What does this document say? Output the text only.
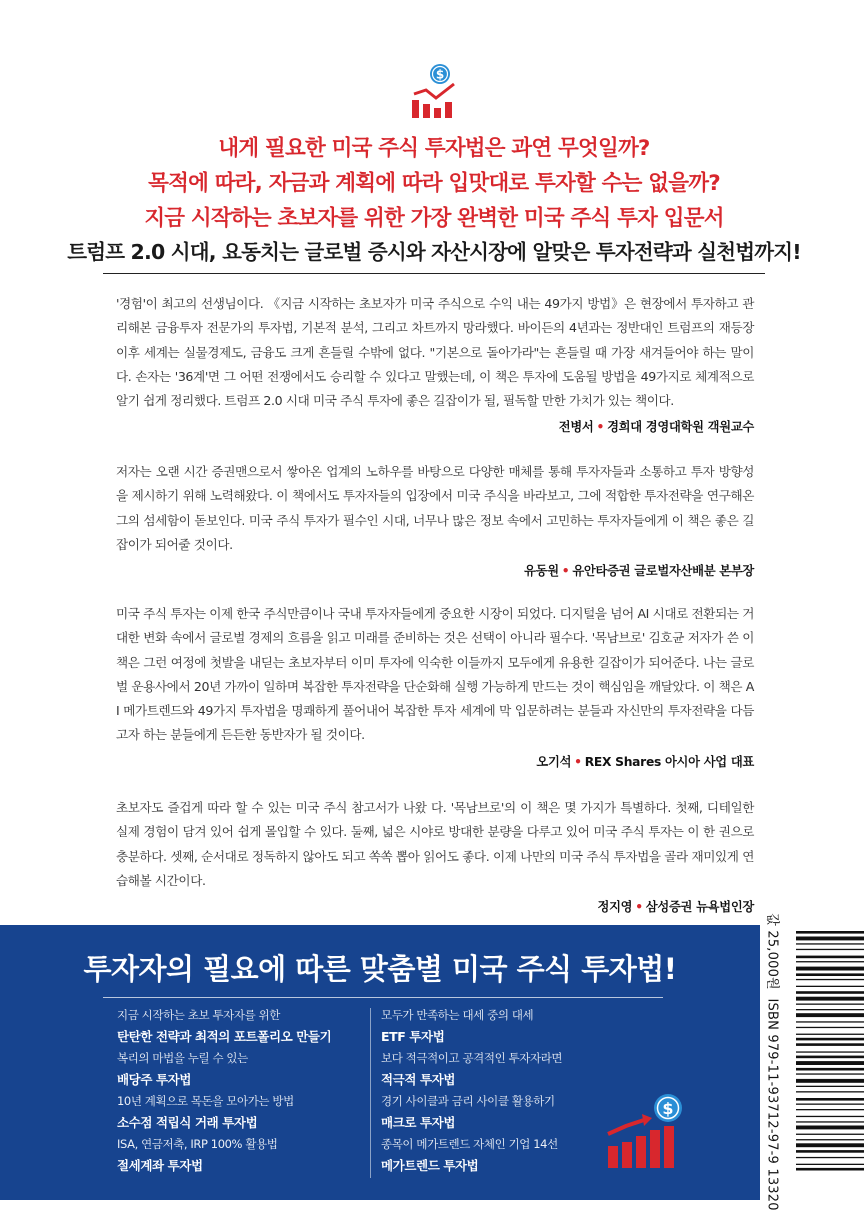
$
내게 필요한 미국 주식 투자법은 과연 무엇일까?
목적에 따라, 자금과 계획에 따라 입맛대로 투자할 수는 없을까?
지금 시작하는 초보자를 위한 가장 완벽한 미국 주식 투자 입문서
트럼프 2.0 시대, 요동치는 글로벌 증시와 자산시장에 알맞은 투자전략과 실천법까지!

'경험'이 최고의 선생님이다. 《지금 시작하는 초보자가 미국 주식으로 수익 내는 49가지 방법》은 현장에서 투자하고 관리해본 금융투자 전문가의 투자법, 기본적 분석, 그리고 차트까지 망라했다. 바이든의 4년과는 정반대인 트럼프의 재등장 이후 세계는 실물경제도, 금융도 크게 흔들릴 수밖에 없다. "기본으로 돌아가라"는 흔들릴 때 가장 새겨들어야 하는 말이다. 손자는 '36계'면 그 어떤 전쟁에서도 승리할 수 있다고 말했는데, 이 책은 투자에 도움될 방법을 49가지로 체계적으로 알기 쉽게 정리했다. 트럼프 2.0 시대 미국 주식 투자에 좋은 길잡이가 될, 필독할 만한 가치가 있는 책이다.

전병서 • 경희대 경영대학원 객원교수

저자는 오랜 시간 증권맨으로서 쌓아온 업계의 노하우를 바탕으로 다양한 매체를 통해 투자자들과 소통하고 투자 방향성을 제시하기 위해 노력해왔다. 이 책에서도 투자자들의 입장에서 미국 주식을 바라보고, 그에 적합한 투자전략을 연구해온 그의 섬세함이 돋보인다. 미국 주식 투자가 필수인 시대, 너무나 많은 정보 속에서 고민하는 투자자들에게 이 책은 좋은 길잡이가 되어줄 것이다.

유동원 • 유안타증권 글로벌자산배분 본부장

미국 주식 투자는 이제 한국 주식만큼이나 국내 투자자들에게 중요한 시장이 되었다. 디지털을 넘어 AI 시대로 전환되는 거대한 변화 속에서 글로벌 경제의 흐름을 읽고 미래를 준비하는 것은 선택이 아니라 필수다. '목남브로' 김호균 저자가 쓴 이 책은 그런 여정에 첫발을 내딛는 초보자부터 이미 투자에 익숙한 이들까지 모두에게 유용한 길잡이가 되어준다. 나는 글로벌 운용사에서 20년 가까이 일하며 복잡한 투자전략을 단순화해 실행 가능하게 만드는 것이 핵심임을 깨달았다. 이 책은 AI 메가트렌드와 49가지 투자법을 명쾌하게 풀어내어 복잡한 투자 세계에 막 입문하려는 분들과 자신만의 투자전략을 다듬고자 하는 분들에게 든든한 동반자가 될 것이다.

오기석 • REX Shares 아시아 사업 대표

초보자도 즐겁게 따라 할 수 있는 미국 주식 참고서가 나왔 다. '목남브로'의 이 책은 몇 가지가 특별하다. 첫째, 디테일한 실제 경험이 담겨 있어 쉽게 몰입할 수 있다. 둘째, 넓은 시야로 방대한 분량을 다루고 있어 미국 주식 투자는 이 한 권으로 충분하다. 셋째, 순서대로 정독하지 않아도 되고 쏙쏙 뽑아 읽어도 좋다. 이제 나만의 미국 주식 투자법을 골라 재미있게 연습해볼 시간이다.

정지영 • 삼성증권 뉴욕법인장
투자자의 필요에 따른 맞춤별 미국 주식 투자법!
지금 시작하는 초보 투자자를 위한
탄탄한 전략과 최적의 포트폴리오 만들기
복리의 마법을 누릴 수 있는
배당주 투자법
10년 계획으로 목돈을 모아가는 방법
소수점 적립식 거래 투자법
ISA, 연금저축, IRP 100% 활용법
절세계좌 투자법
모두가 만족하는 대세 중의 대세
ETF 투자법
보다 적극적이고 공격적인 투자자라면
적극적 투자법
경기 사이클과 금리 사이클 활용하기
매크로 투자법
종목이 메가트렌드 자체인 기업 14선
메가트렌드 투자법
$
값 25,000원  ISBN 979-11-93712-97-9 13320
